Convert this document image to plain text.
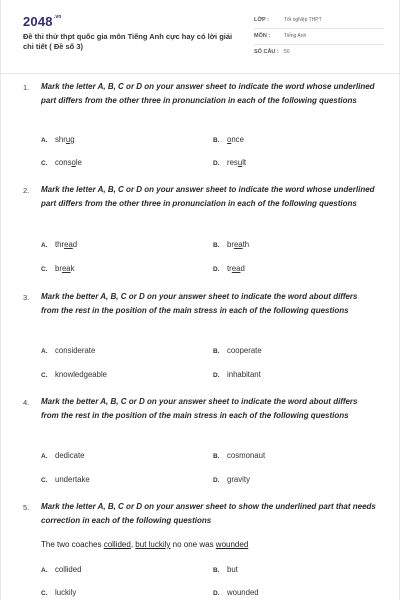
$2048^{.vn}$
Đề thi thử thpt quốc gia môn Tiếng Anh cực hay có lời giải chi tiết ( Đề số 3)
LỚP :	Tốt ngNệp THPT
MÔN :	Tiếng Anh
SỐ CÂU : 50
1. Mark the letter A, B, C or D on your answer sheet to indicate the word whose underlined part differs from the other three in pronunciation in each of the following questions
A. shrug	B. once
C. console	D. result
2. Mark the letter A, B, C or D on your answer sheet to indicate the word whose underlined part differs from the other three in pronunciation in each of the following questions
A. thread	B. breath
C. break	D. tread
3. Mark the better A, B, C or D on your answer sheet to indicate the word about differs from the rest in the position of the main stress in each of the following questions
A. considerate	B. cooperate
C. knowledgeable	D. inhabitant
4. Mark the better A, B, C or D on your answer sheet to indicate the word about differs from the rest in the position of the main stress in each of the following questions
A. dedicate	B. cosmonaut
C. undertake	D. gravity
5. Mark the letter A, B, C or D on your answer sheet to show the underlined part that needs correction in each of the following questions
The two coaches collided, but luckily no one was wounded
A. collided	B. but
C. luckily	D. wounded
